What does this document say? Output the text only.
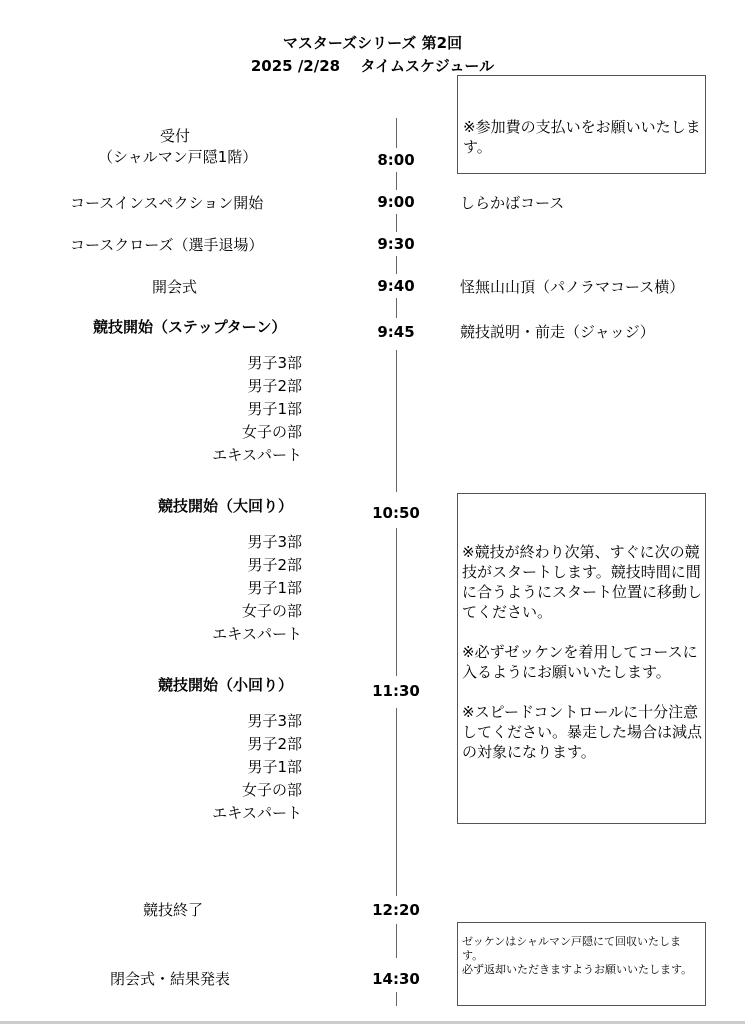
マスターズシリーズ 第2回
2025 /2/28　 タイムスケジュール
受付
（シャルマン戸隠1階）	8:00
※参加費の支払いをお願いいたします。
コースインスペクション開始	9:00	しらかばコース
コースクローズ（選手退場）	9:30
開会式	9:40	怪無山山頂（パノラマコース横）
競技開始（ステップターン）	9:45	競技説明・前走（ジャッジ）
男子3部
男子2部
男子1部
女子の部
エキスパート
競技開始（大回り）	10:50
男子3部
男子2部
男子1部
女子の部
エキスパート
※競技が終わり次第、すぐに次の競技がスタートします。競技時間に間に合うようにスタート位置に移動してください。
※必ずゼッケンを着用してコースに入るようにお願いいたします。
※スピードコントロールに十分注意してください。暴走した場合は減点の対象になります。
競技開始（小回り）	11:30
男子3部
男子2部
男子1部
女子の部
エキスパート
競技終了	12:20
ゼッケンはシャルマン戸隠にて回収いたします。
必ず返却いただきますようお願いいたします。
閉会式・結果発表	14:30
